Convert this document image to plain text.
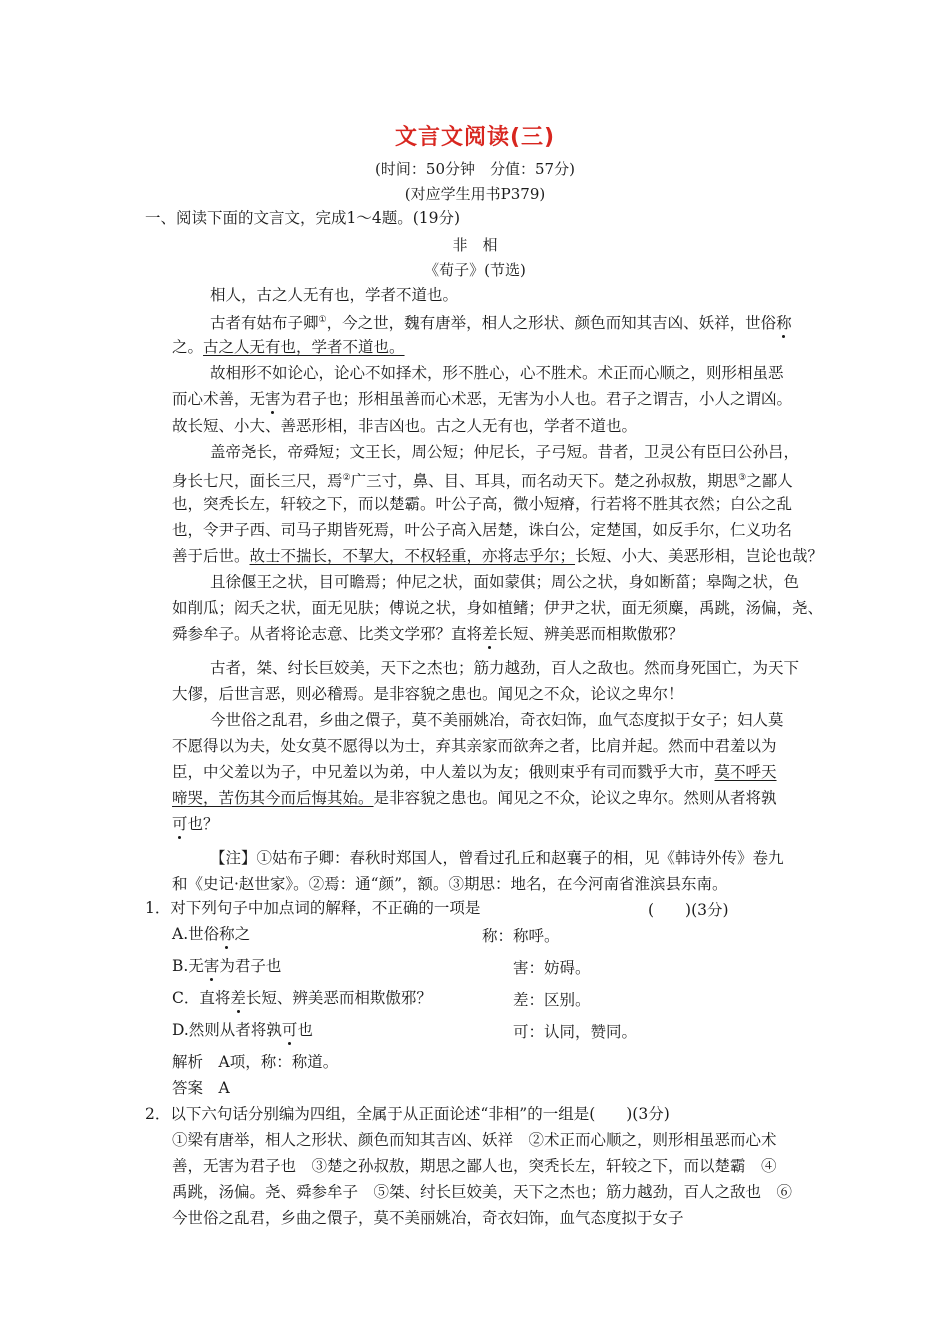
文言文阅读(三)
(时间：50分钟　分值：57分)
(对应学生用书P379)
一、阅读下面的文言文，完成1～4题。(19分)
非　相
《荀子》(节选)
相人，古之人无有也，学者不道也。
古者有姑布子卿①，今之世，魏有唐举，相人之形状、颜色而知其吉凶、妖祥，世俗称
之。古之人无有也，学者不道也。
故相形不如论心，论心不如择术，形不胜心，心不胜术。术正而心顺之，则形相虽恶
而心术善，无害为君子也；形相虽善而心术恶，无害为小人也。君子之谓吉，小人之谓凶。
故长短、小大、善恶形相，非吉凶也。古之人无有也，学者不道也。
盖帝尧长，帝舜短；文王长，周公短；仲尼长，子弓短。昔者，卫灵公有臣曰公孙吕，
身长七尺，面长三尺，焉②广三寸，鼻、目、耳具，而名动天下。楚之孙叔敖，期思③之鄙人
也，突秃长左，轩较之下，而以楚霸。叶公子高，微小短瘠，行若将不胜其衣然；白公之乱
也，令尹子西、司马子期皆死焉，叶公子高入居楚，诛白公，定楚国，如反手尔，仁义功名
善于后世。故士不揣长，不挈大，不权轻重，亦将志乎尔；长短、小大、美恶形相，岂论也哉？
且徐偃王之状，目可瞻焉；仲尼之状，面如蒙倛；周公之状，身如断菑；皋陶之状，色
如削瓜；闳夭之状，面无见肤；傅说之状，身如植鳍；伊尹之状，面无须麋，禹跳，汤偏，尧、
舜参牟子。从者将论志意、比类文学邪？直将差长短、辨美恶而相欺傲邪？
古者，桀、纣长巨姣美，天下之杰也；筋力越劲，百人之敌也。然而身死国亡，为天下
大僇，后世言恶，则必稽焉。是非容貌之患也。闻见之不众，论议之卑尔！
今世俗之乱君，乡曲之儇子，莫不美丽姚冶，奇衣妇饰，血气态度拟于女子；妇人莫
不愿得以为夫，处女莫不愿得以为士，弃其亲家而欲奔之者，比肩并起。然而中君羞以为
臣，中父羞以为子，中兄羞以为弟，中人羞以为友；俄则束乎有司而戮乎大市，莫不呼天
啼哭，苦伤其今而后悔其始。是非容貌之患也。闻见之不众，论议之卑尔。然则从者将孰
可也？
【注】①姑布子卿：春秋时郑国人，曾看过孔丘和赵襄子的相，见《韩诗外传》卷九
和《史记·赵世家》。②焉：通“颜”，额。③期思：地名，在今河南省淮滨县东南。
1．对下列句子中加点词的解释，不正确的一项是	(　　)(3分)
A.世俗称之	称：称呼。
B.无害为君子也	害：妨碍。
C．直将差长短、辨美恶而相欺傲邪？	差：区别。
D.然则从者将孰可也	可：认同，赞同。
解析　A项，称：称道。
答案　A
2．以下六句话分别编为四组，全属于从正面论述“非相”的一组是(　　)(3分)
①梁有唐举，相人之形状、颜色而知其吉凶、妖祥　②术正而心顺之，则形相虽恶而心术
善，无害为君子也　③楚之孙叔敖，期思之鄙人也，突秃长左，轩较之下，而以楚霸　④
禹跳，汤偏。尧、舜参牟子　⑤桀、纣长巨姣美，天下之杰也；筋力越劲，百人之敌也　⑥
今世俗之乱君，乡曲之儇子，莫不美丽姚冶，奇衣妇饰，血气态度拟于女子
